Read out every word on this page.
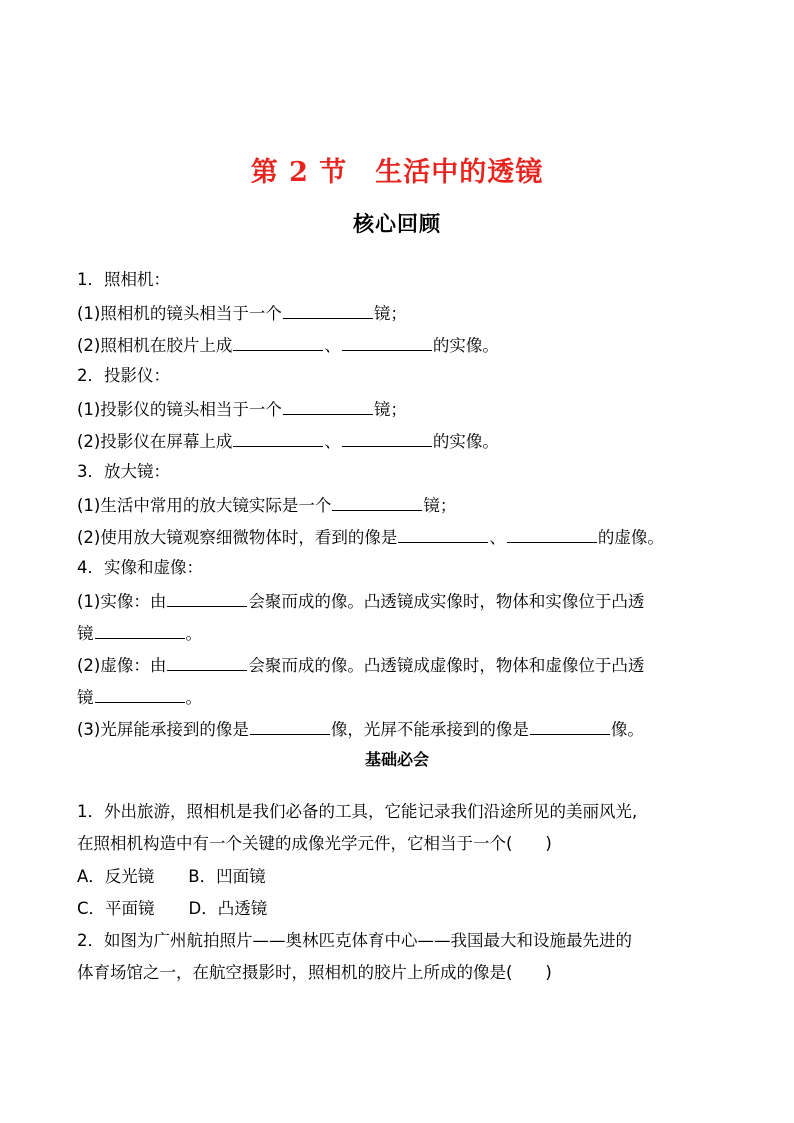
第 2 节　生活中的透镜
核心回顾
1．照相机：
(1)照相机的镜头相当于一个	镜；
(2)照相机在胶片上成	、	的实像。
2．投影仪：
(1)投影仪的镜头相当于一个	镜；
(2)投影仪在屏幕上成	、	的实像。
3．放大镜：
(1)生活中常用的放大镜实际是一个	镜；
(2)使用放大镜观察细微物体时，看到的像是	、	的虚像。
4．实像和虚像：
(1)实像：由	会聚而成的像。凸透镜成实像时，物体和实像位于凸透
镜	。
(2)虚像：由	会聚而成的像。凸透镜成虚像时，物体和虚像位于凸透
镜	。
(3)光屏能承接到的像是	像，光屏不能承接到的像是	像。
基础必会
1．外出旅游，照相机是我们必备的工具，它能记录我们沿途所见的美丽风光,
在照相机构造中有一个关键的成像光学元件，它相当于一个(　　)
A．反光镜 B．凹面镜
C．平面镜 D．凸透镜
2．如图为广州航拍照片——奥林匹克体育中心——我国最大和设施最先进的
体育场馆之一，在航空摄影时，照相机的胶片上所成的像是(　　)
